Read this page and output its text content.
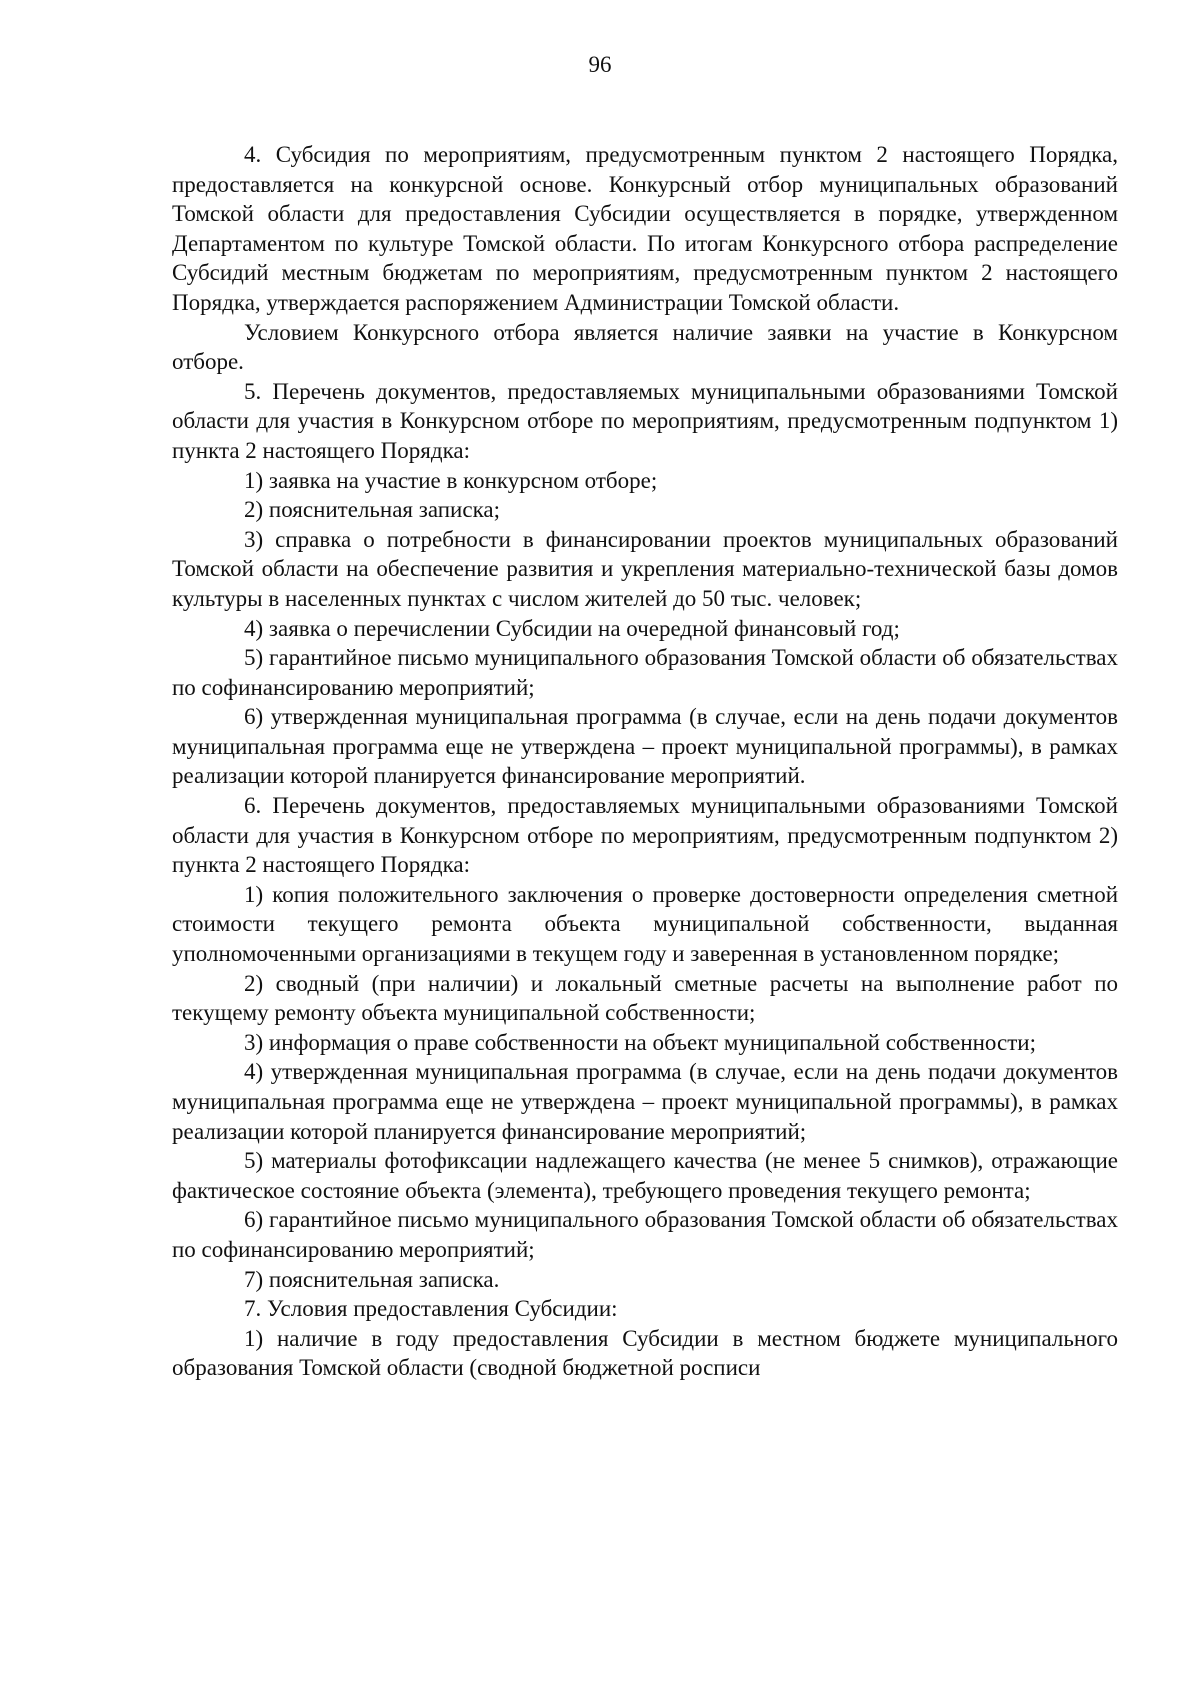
96

4. Субсидия по мероприятиям, предусмотренным пунктом 2 настоящего Порядка, предоставляется на конкурсной основе. Конкурсный отбор муниципальных образований Томской области для предоставления Субсидии осуществляется в порядке, утвержденном Департаментом по культуре Томской области. По итогам Конкурсного отбора распределение Субсидий местным бюджетам по мероприятиям, предусмотренным пунктом 2 настоящего Порядка, утверждается распоряжением Администрации Томской области.

Условием Конкурсного отбора является наличие заявки на участие в Конкурсном отборе.

5. Перечень документов, предоставляемых муниципальными образованиями Томской области для участия в Конкурсном отборе по мероприятиям, предусмотренным подпунктом 1) пункта 2 настоящего Порядка:

1) заявка на участие в конкурсном отборе;

2) пояснительная записка;

3) справка о потребности в финансировании проектов муниципальных образований Томской области на обеспечение развития и укрепления материально-технической базы домов культуры в населенных пунктах с числом жителей до 50 тыс. человек;

4) заявка о перечислении Субсидии на очередной финансовый год;

5) гарантийное письмо муниципального образования Томской области об обязательствах по софинансированию мероприятий;

6) утвержденная муниципальная программа (в случае, если на день подачи документов муниципальная программа еще не утверждена – проект муниципальной программы), в рамках реализации которой планируется финансирование мероприятий.

6. Перечень документов, предоставляемых муниципальными образованиями Томской области для участия в Конкурсном отборе по мероприятиям, предусмотренным подпунктом 2) пункта 2 настоящего Порядка:

1) копия положительного заключения о проверке достоверности определения сметной стоимости текущего ремонта объекта муниципальной собственности, выданная уполномоченными организациями в текущем году и заверенная в установленном порядке;

2) сводный (при наличии) и локальный сметные расчеты на выполнение работ по текущему ремонту объекта муниципальной собственности;

3) информация о праве собственности на объект муниципальной собственности;

4) утвержденная муниципальная программа (в случае, если на день подачи документов муниципальная программа еще не утверждена – проект муниципальной программы), в рамках реализации которой планируется финансирование мероприятий;

5) материалы фотофиксации надлежащего качества (не менее 5 снимков), отражающие фактическое состояние объекта (элемента), требующего проведения текущего ремонта;

6) гарантийное письмо муниципального образования Томской области об обязательствах по софинансированию мероприятий;

7) пояснительная записка.

7. Условия предоставления Субсидии:

1) наличие в году предоставления Субсидии в местном бюджете муниципального образования Томской области (сводной бюджетной росписи
